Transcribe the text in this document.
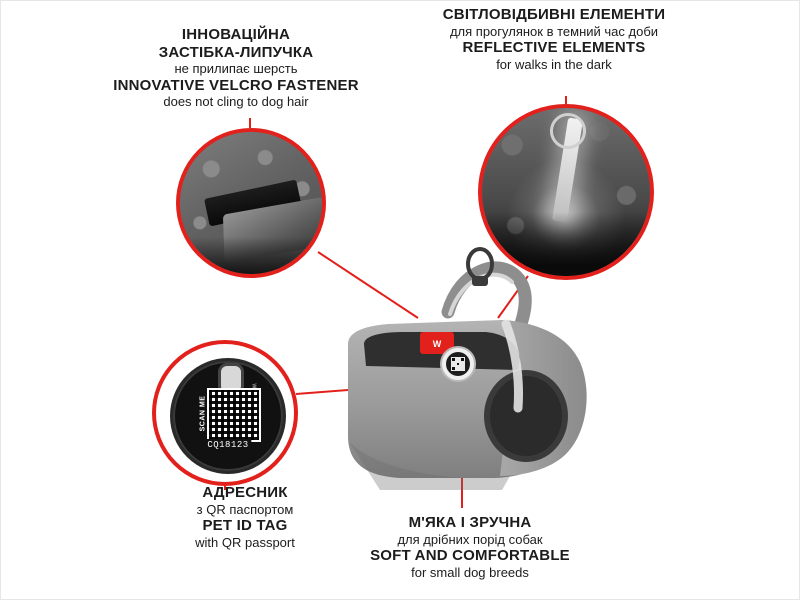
W
SCAN ME
CQ18123
ІННОВАЦІЙНА
ЗАСТІБКА-ЛИПУЧКА
не прилипає шерсть
INNOVATIVE VELCRO FASTENER
does not cling to dog hair
СВІТЛОВІДБИВНІ ЕЛЕМЕНТИ
для прогулянок в темний час доби
REFLECTIVE ELEMENTS
for walks in the dark
АДРЕСНИК
з QR паспортом
PET ID TAG
with QR passport
М'ЯКА І ЗРУЧНА
для дрібних порід собак
SOFT AND COMFORTABLE
for small dog breeds
